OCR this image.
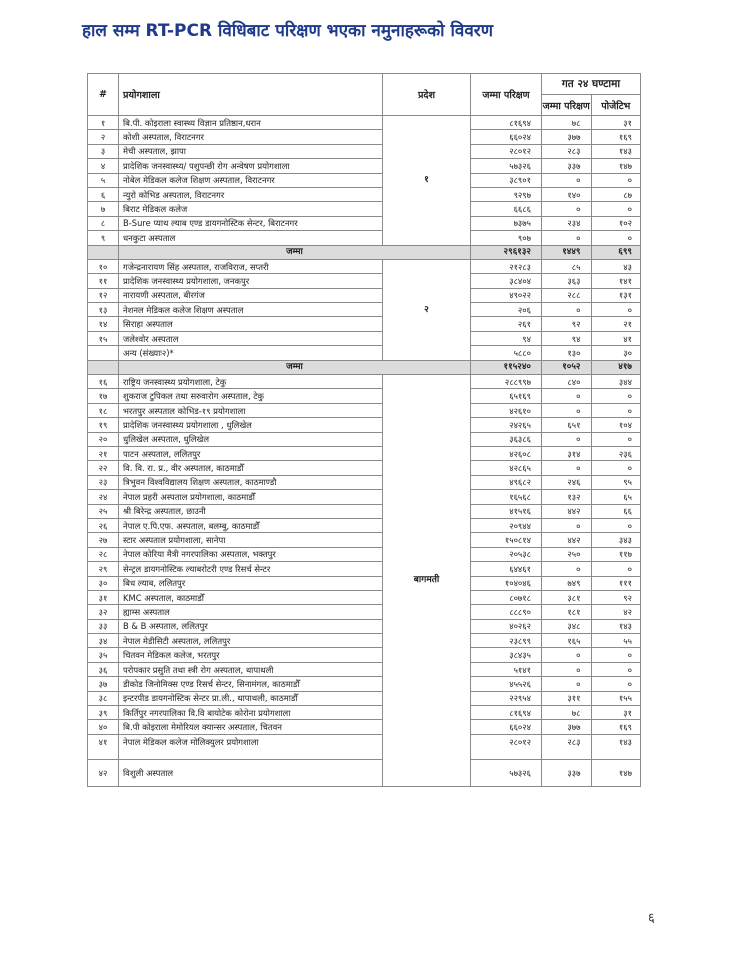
हाल सम्म RT-PCR विधिबाट परिक्षण भएका नमुनाहरूको विवरण
#	प्रयोगशाला	प्रदेश	जम्मा परिक्षण	गत २४ घण्टामा	
				जम्मा परिक्षण	पोजेटिभ
१	बि.पी. कोइराला स्वास्थ्य विज्ञान प्रतिष्ठान,धरान	१	८१६९४	७८	३१
२	कोशी अस्पताल, विराटनगर		६६०२४	३७७	१६९
३	मेची अस्पताल, झापा		२८०१२	२८३	१४३
४	प्रादेशिक जनस्वास्थ्य/ पशुपन्छी रोग अन्वेषण प्रयोगशाला		५७३२६	३३७	१४७
५	नोबेल मेडिकल कलेज शिक्षण अस्पताल, विराटनगर		३८९०१	०	०
६	न्युरो कोभिड अस्पताल, विराटनगर		९२९७	१४०	८७
७	बिराट मेडिकल कलेज		६६८६	०	०
८	B-Sure प्याथ ल्याब एण्ड डायगनोस्टिक सेन्टर, बिराटनगर		७३७५	२३४	१०२
९	धनकुटा अस्पताल		९०७	०	०
	जम्मा		२९६१३२	१४४९	६९९
१०	गजेन्द्रनारायण सिंह अस्पताल, राजविराज, सप्तरी	२	२१२८३	८५	४३
११	प्रादेशिक जनस्वास्थ्य प्रयोगशाला, जनकपुर		३८४०४	३६३	१४१
१२	नारायणी अस्पताल, बीरगंज		४९०२२	२८८	१३१
१३	नेशनल मेडिकल कलेज शिक्षण अस्पताल		२०६	०	०
१४	सिराहा अस्पताल		२६१	९२	२१
१५	जलेश्वोर अस्पताल		९४	९४	४१
	अन्य (संख्याः२)*		५८८०	१३०	३०
	जम्मा		११५२४०	१०५२	४१७
१६	राष्ट्रिय जनस्वास्थ्य प्रयोगशाला, टेकु	बागमती	२८८९९७	८४०	३४४
१७	शुकराज टुपिकल तथा सरुवारोग अस्पताल, टेकु		६५१६९	०	०
१८	भरतपुर अस्पताल कोभिड-१९ प्रयोगशाला		४२६१०	०	०
१९	प्रादेशिक जनस्वास्थ्य प्रयोगशाला , धुलिखेल		२४२६५	६५१	१०४
२०	धुलिखेल अस्पताल, धुलिखेल		३६३८६	०	०
२१	पाटन अस्पताल, ललितपुर		४२६०८	३१४	२३६
२२	वि. वि. रा. प्र., वीर अस्पताल, काठमाडौँ		४२८६५	०	०
२३	त्रिभुवन विश्वविद्यालय शिक्षण अस्पताल, काठमाण्डौ		४९६८२	२४६	९५
२४	नेपाल प्रहरी अस्पताल प्रयोगशाला, काठमाडौँ		१६५६८	१३२	६५
२५	श्री बिरेन्द्र अस्पताल, छाउनी		४१५१६	४४२	६६
२६	नेपाल ए.पि.एफ. अस्पताल, बलम्बु, काठमाडौँ		२०९४४	०	०
२७	स्टार अस्पताल प्रयोगशाला, सानेपा		१५०८१४	४४२	३४३
२८	नेपाल कोरिया मैत्री नगरपालिका अस्पताल, भक्तपुर		२०५३८	२५०	११७
२९	सेन्ट्रल डायगनोस्टिक ल्याबरोटरी एण्ड रिसर्च सेन्टर		६४४६१	०	०
३०	बिध ल्याब, ललितपुर		१०४०४६	७४९	१११
३१	KMC अस्पताल, काठमाडौँ		८०७१८	३८१	९२
३२	ह्याम्स अस्पताल		८८८९०	१८१	४२
३३	B & B अस्पताल, ललितपुर		४०२६२	३४८	१४३
३४	नेपाल मेडीसिटी अस्पताल, ललितपुर		२३८९९	१६५	५५
३५	चितवन मेडिकल कलेज, भरतपुर		३८४३५	०	०
३६	परोपकार प्रसुति तथा स्त्री रोग अस्पताल, थापाथली		५१४१	०	०
३७	डीकोड जिनोमिक्स एण्ड रिसर्च सेन्टर, सिनामंगल, काठमाडौँ		४५५२६	०	०
३८	इन्टरपीड डायगनोस्टिक सेन्टर प्रा.ली., थापाथली, काठमाडौँ		२२९५४	३११	१५५
३९	किर्तिपुर नगरपालिका वि.वि बायोटेक कोरोना प्रयोगशाला		८१६९४	७८	३१
४०	बि.पी कोइराला मेमोरियल क्यान्सर अस्पताल, चितवन		६६०२४	३७७	१६९
४१	नेपाल मेडिकल कलेज मोलिक्युलर प्रयोगशाला		२८०१२	२८३	१४३
४२	विशुली अस्पताल		५७३२६	३३७	१४७
६
